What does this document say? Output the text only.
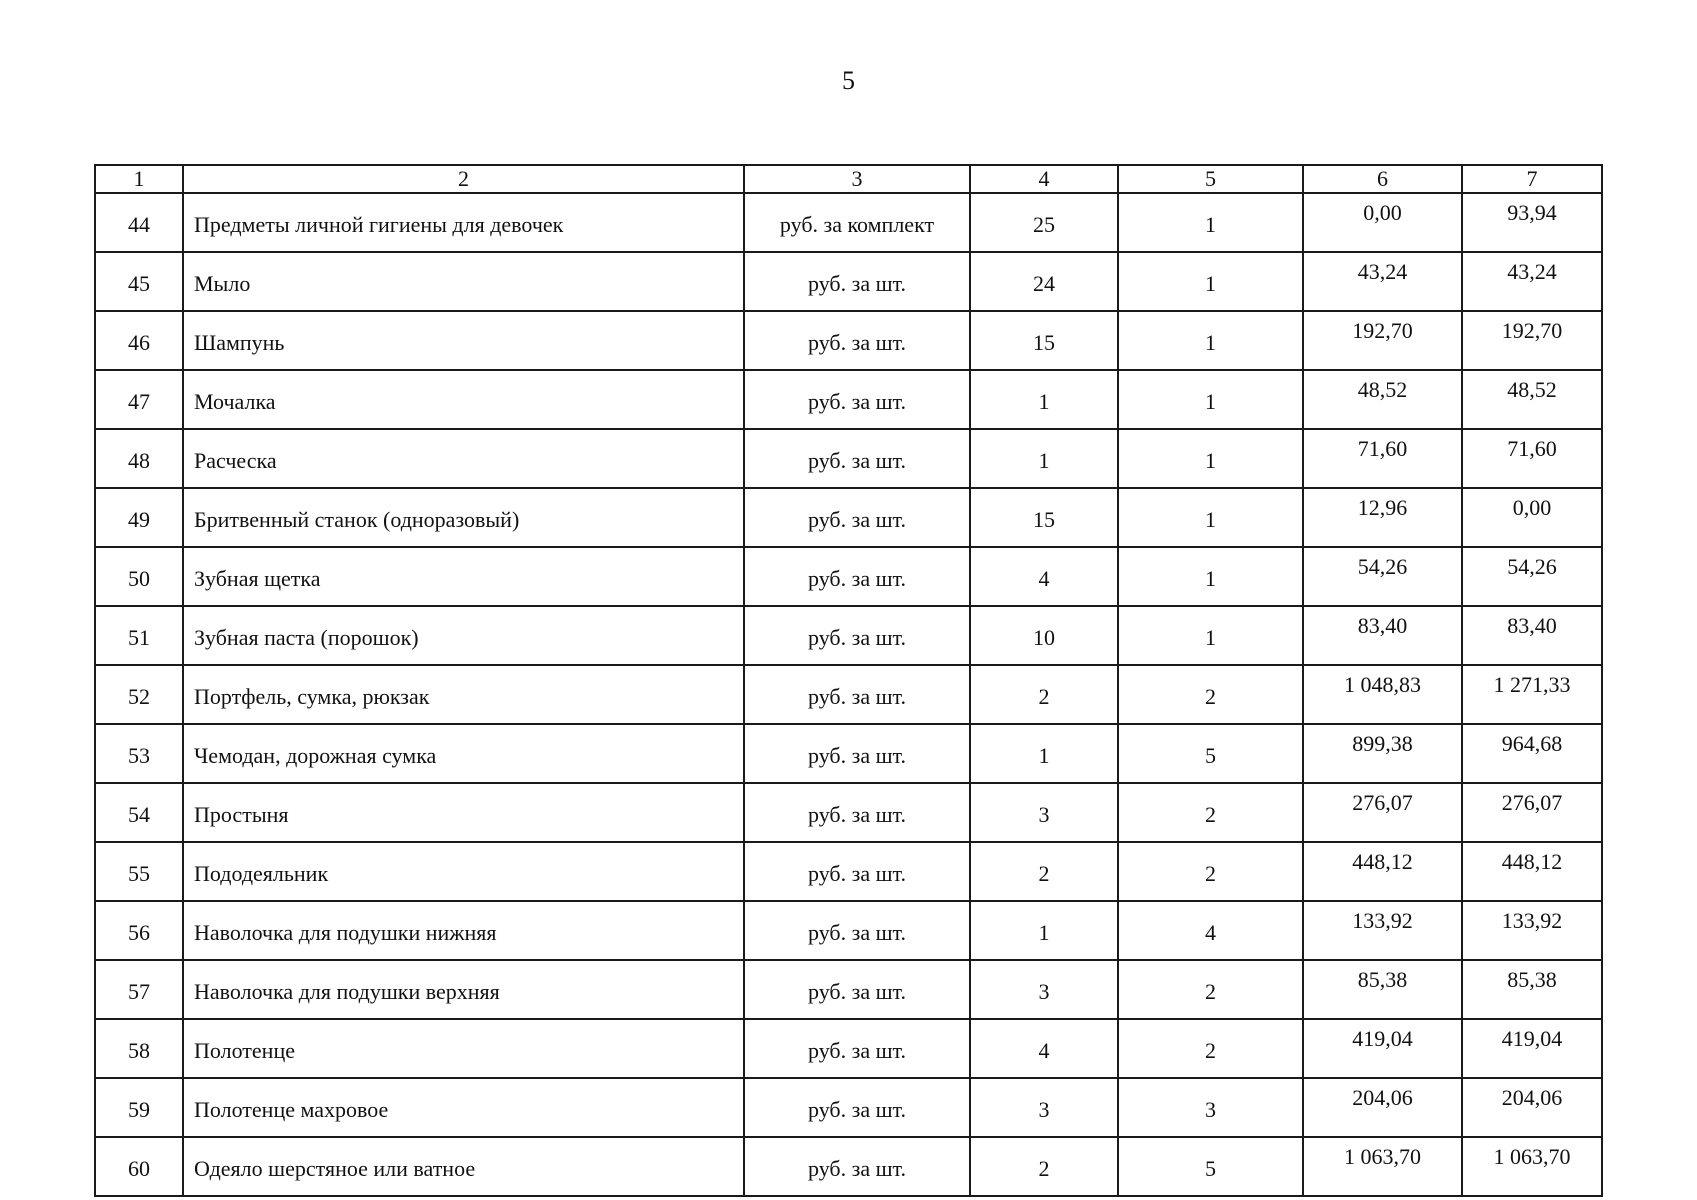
5
1	2	3	4	5	6	7
44	Предметы личной гигиены для девочек	руб. за комплект	25	1	0,00	93,94
45	Мыло	руб. за шт.	24	1	43,24	43,24
46	Шампунь	руб. за шт.	15	1	192,70	192,70
47	Мочалка	руб. за шт.	1	1	48,52	48,52
48	Расческа	руб. за шт.	1	1	71,60	71,60
49	Бритвенный станок (одноразовый)	руб. за шт.	15	1	12,96	0,00
50	Зубная щетка	руб. за шт.	4	1	54,26	54,26
51	Зубная паста (порошок)	руб. за шт.	10	1	83,40	83,40
52	Портфель, сумка, рюкзак	руб. за шт.	2	2	1 048,83	1 271,33
53	Чемодан, дорожная сумка	руб. за шт.	1	5	899,38	964,68
54	Простыня	руб. за шт.	3	2	276,07	276,07
55	Пододеяльник	руб. за шт.	2	2	448,12	448,12
56	Наволочка для подушки нижняя	руб. за шт.	1	4	133,92	133,92
57	Наволочка для подушки верхняя	руб. за шт.	3	2	85,38	85,38
58	Полотенце	руб. за шт.	4	2	419,04	419,04
59	Полотенце махровое	руб. за шт.	3	3	204,06	204,06
60	Одеяло шерстяное или ватное	руб. за шт.	2	5	1 063,70	1 063,70
